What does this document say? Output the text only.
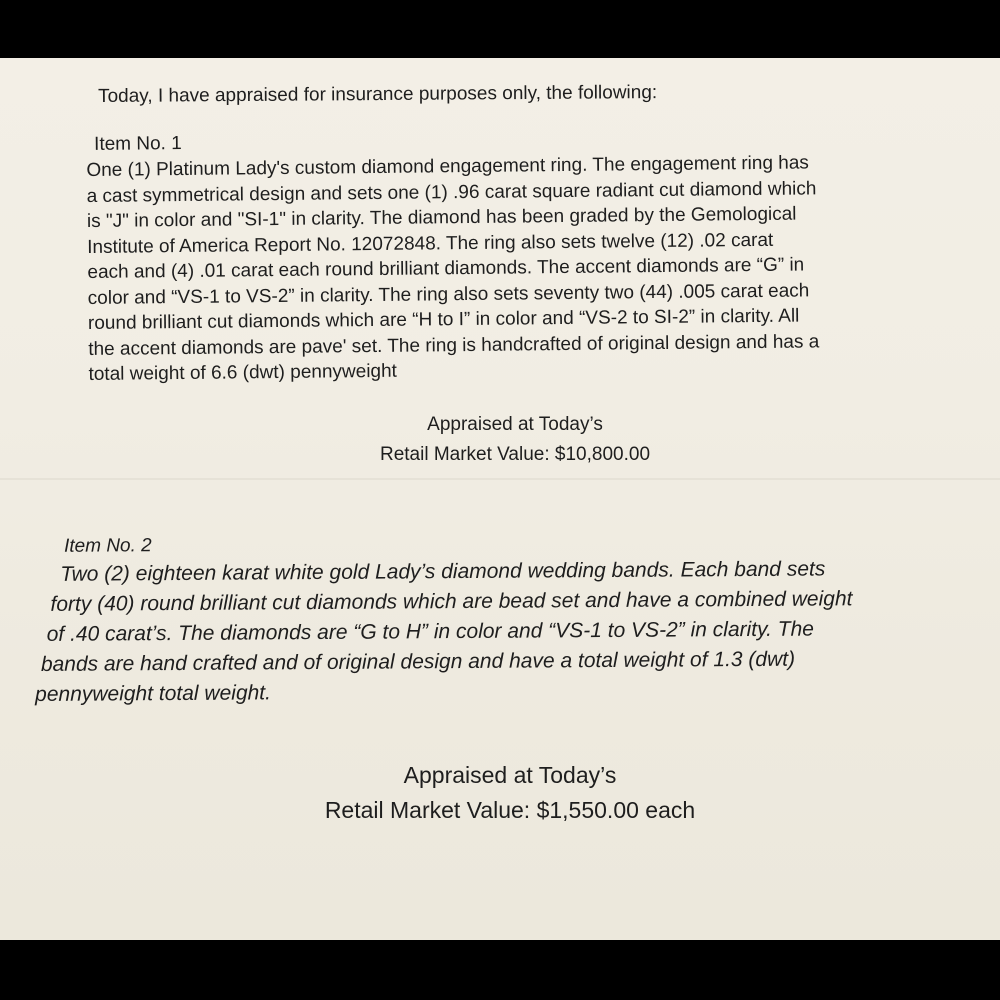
Today, I have appraised for insurance purposes only, the following:

Item No. 1

One (1) Platinum Lady's custom diamond engagement ring. The engagement ring has
a cast symmetrical design and sets one (1) .96 carat square radiant cut diamond which
is "J" in color and "SI-1" in clarity. The diamond has been graded by the Gemological
Institute of America Report No. 12072848. The ring also sets twelve (12) .02 carat
each and (4) .01 carat each round brilliant diamonds. The accent diamonds are “G” in
color and “VS-1 to VS-2” in clarity. The ring also sets seventy two (44) .005 carat each
round brilliant cut diamonds which are “H to I” in color and “VS-2 to SI-2” in clarity. All
the accent diamonds are pave' set. The ring is handcrafted of original design and has a
total weight of 6.6 (dwt) pennyweight
Appraised at Today’s
Retail Market Value: $10,800.00

Item No. 2

Two (2) eighteen karat white gold Lady’s diamond wedding bands. Each band sets
forty (40) round brilliant cut diamonds which are bead set and have a combined weight
of .40 carat’s. The diamonds are “G to H” in color and “VS-1 to VS-2” in clarity. The
bands are hand crafted and of original design and have a total weight of 1.3 (dwt)
pennyweight total weight.
Appraised at Today’s
Retail Market Value: $1,550.00 each
